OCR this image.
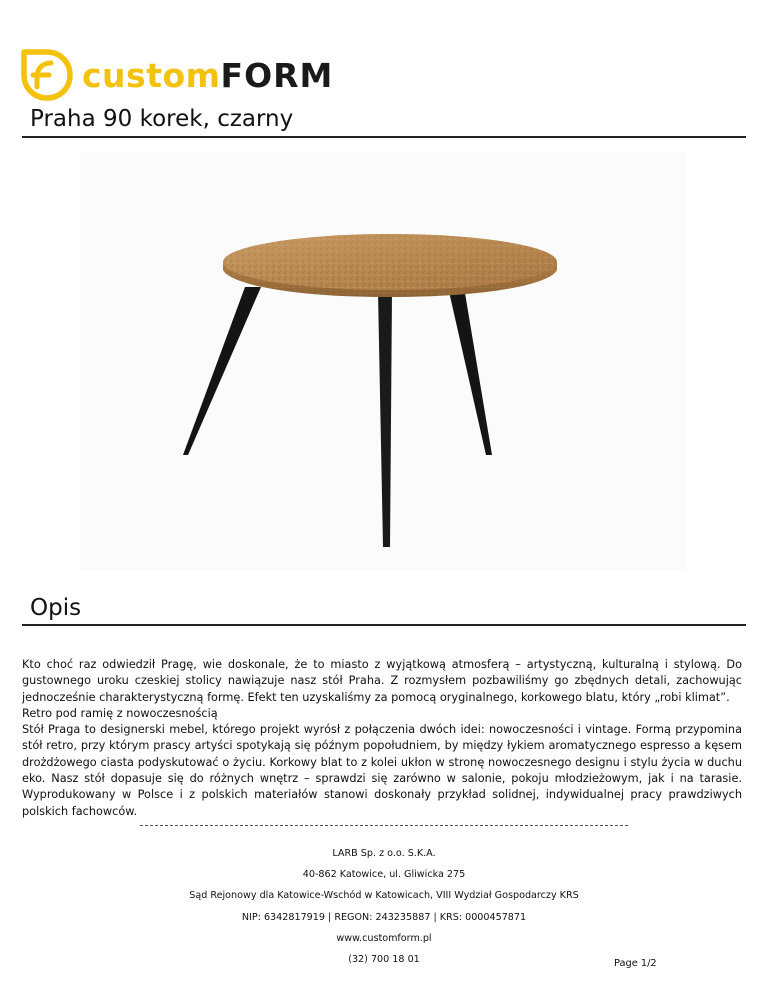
custom FORM
Praha 90 korek, czarny
Opis

Kto choć raz odwiedził Pragę, wie doskonale, że to miasto z wyjątkową atmosferą – artystyczną, kulturalną i stylową. Do gustownego uroku czeskiej stolicy nawiązuje nasz stół Praha. Z rozmysłem pozbawiliśmy go zbędnych detali, zachowując jednocześnie charakterystyczną formę. Efekt ten uzyskaliśmy za pomocą oryginalnego, korkowego blatu, który „robi klimat”.

Retro pod ramię z nowoczesnością

Stół Praga to designerski mebel, którego projekt wyrósł z połączenia dwóch idei: nowoczesności i vintage. Formą przypomina stół retro, przy którym prascy artyści spotykają się późnym popołudniem, by między łykiem aromatycznego espresso a kęsem drożdżowego ciasta podyskutować o życiu. Korkowy blat to z kolei ukłon w stronę nowoczesnego designu i stylu życia w duchu eko. Nasz stół dopasuje się do różnych wnętrz – sprawdzi się zarówno w salonie, pokoju młodzieżowym, jak i na tarasie. Wyprodukowany w Polsce i z polskich materiałów stanowi doskonały przykład solidnej, indywidualnej pracy prawdziwych polskich fachowców.

LARB Sp. z o.o. S.K.A.
40-862 Katowice, ul. Gliwicka 275
Sąd Rejonowy dla Katowice-Wschód w Katowicach, VIII Wydział Gospodarczy KRS
NIP: 6342817919 | REGON: 243235887 | KRS: 0000457871
www.customform.pl
(32) 700 18 01	Page 1/2
